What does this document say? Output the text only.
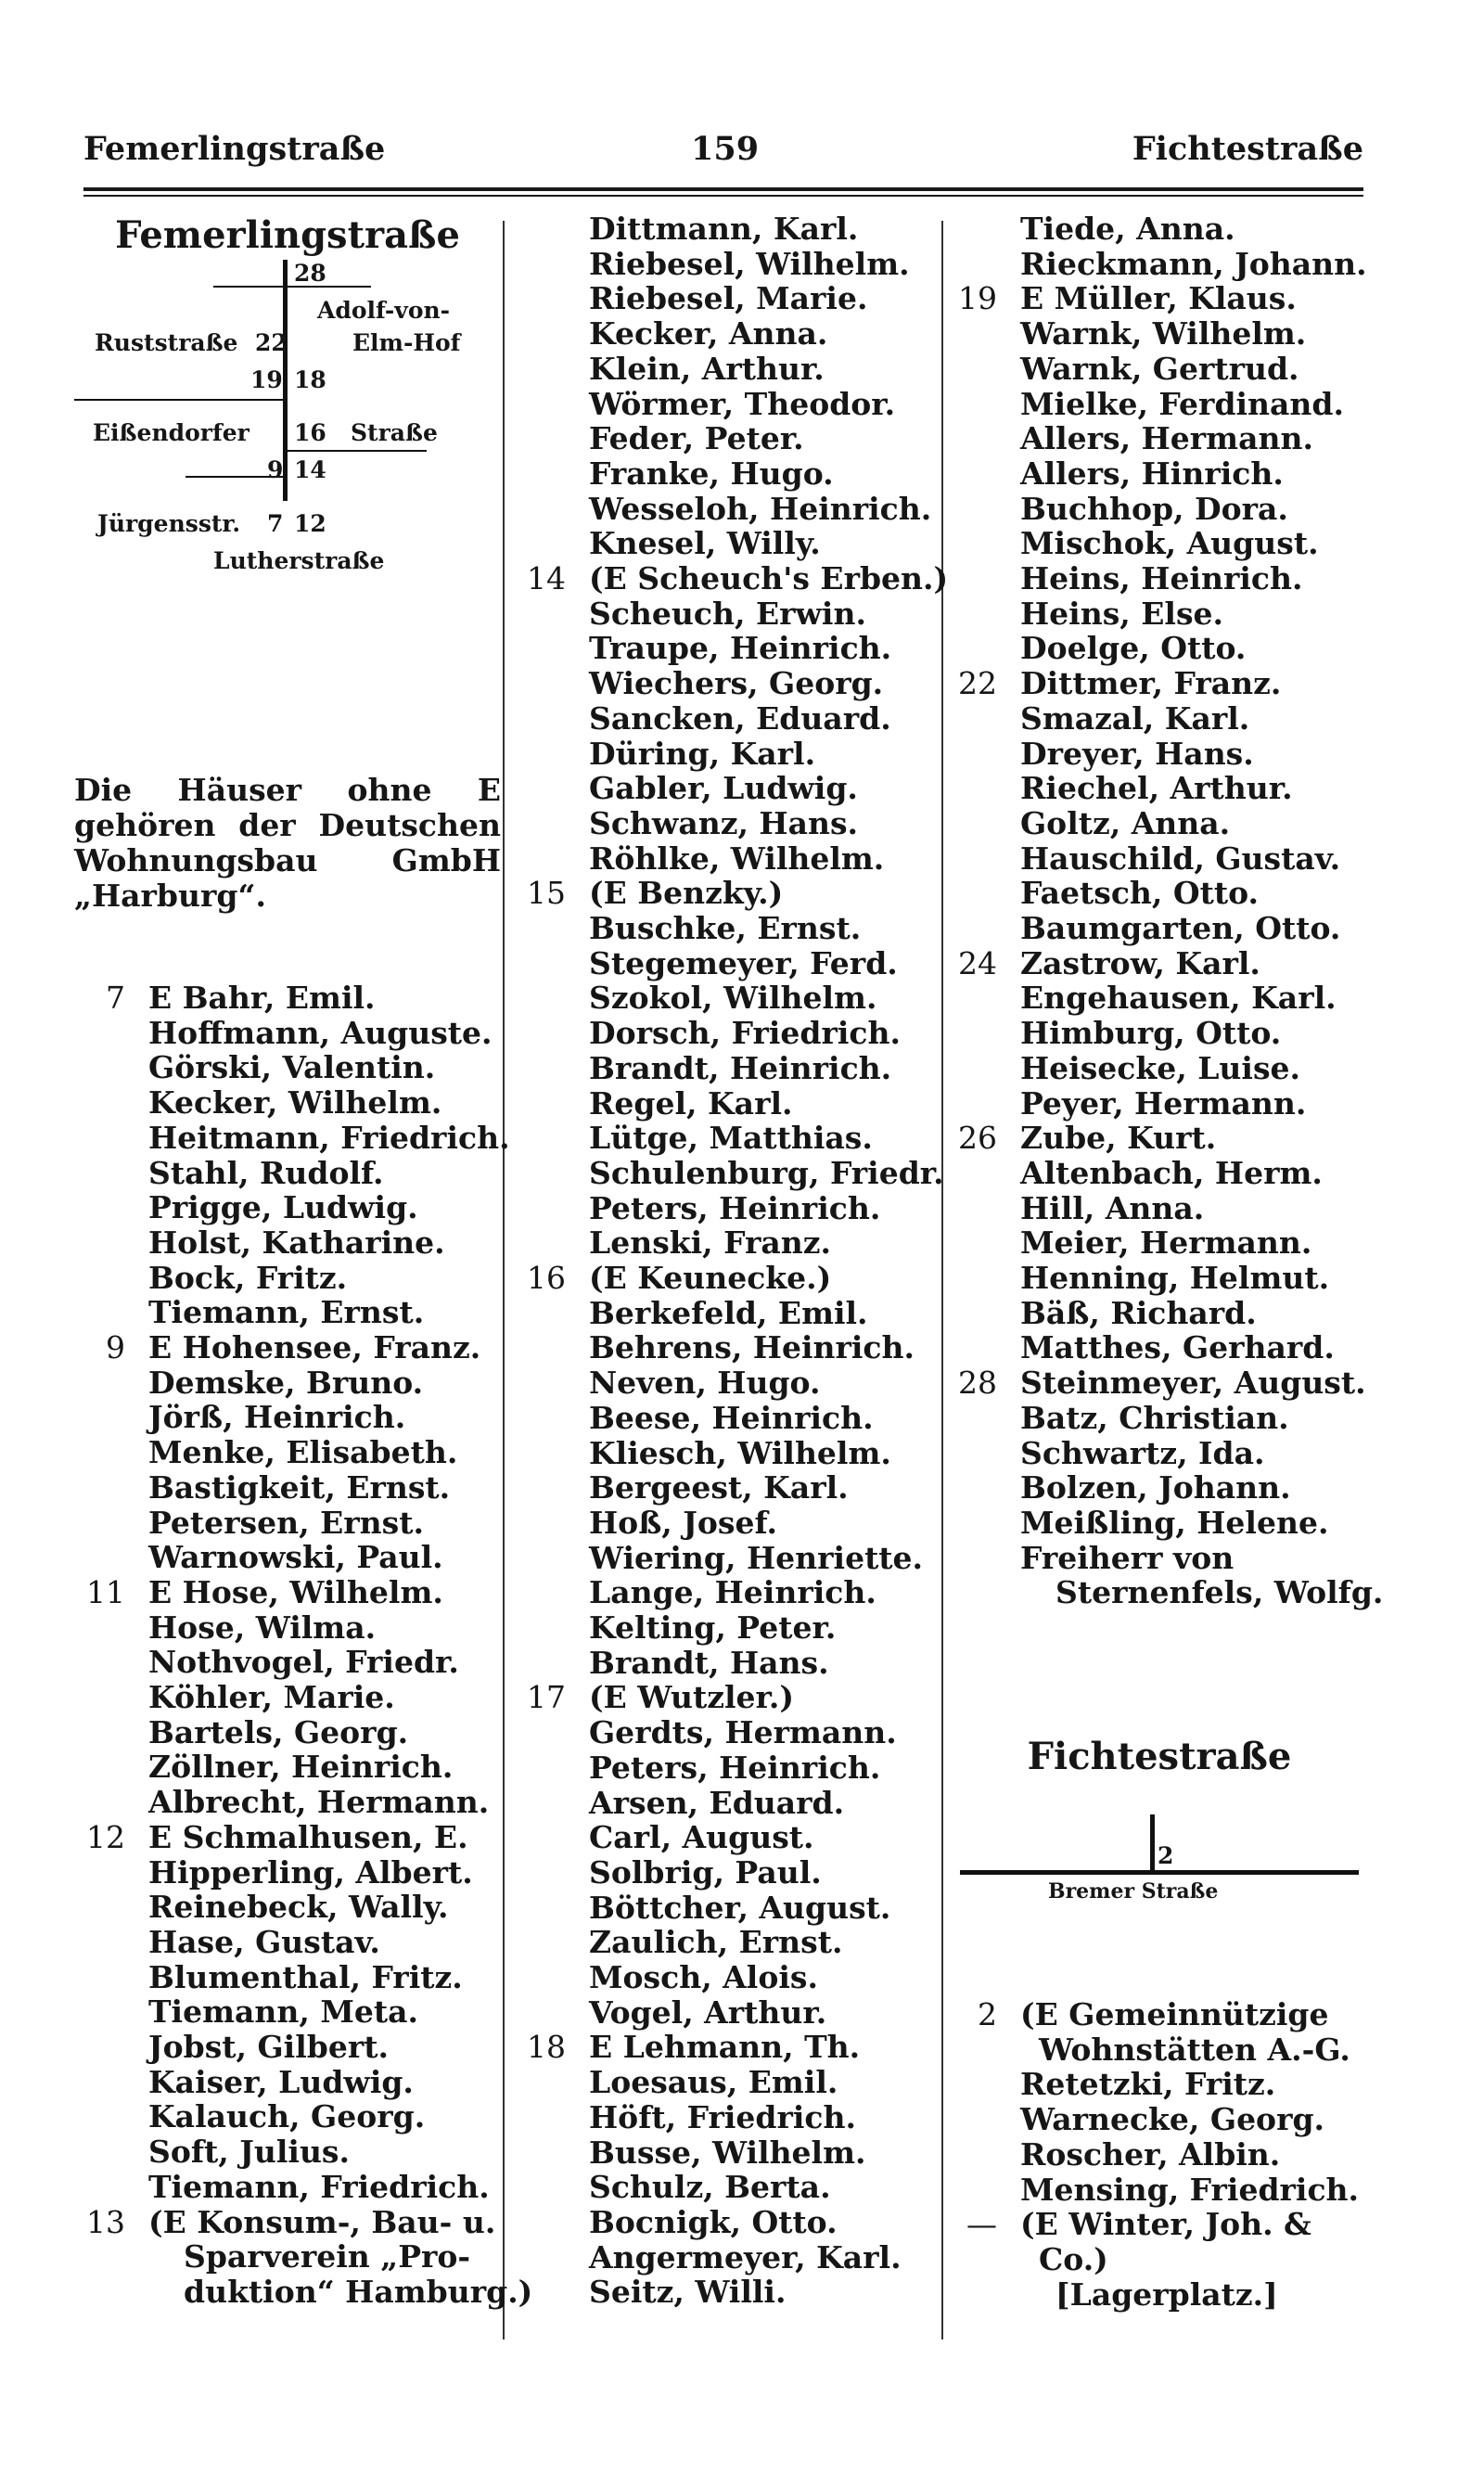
Femerlingstraße	159	Fichtestraße
Femerlingstraße
28
Adolf-von-
Ruststraße 22	Elm-Hof
19 18
Eißendorfer 16 Straße
9 14
Jürgensstr. 7 12
Lutherstraße
Die Häuser ohne E
gehören der Deutschen
Wohnungsbau GmbH
„Harburg“.
7 E Bahr, Emil.
Hoffmann, Auguste.
Görski, Valentin.
Kecker, Wilhelm.
Heitmann, Friedrich.
Stahl, Rudolf.
Prigge, Ludwig.
Holst, Katharine.
Bock, Fritz.
Tiemann, Ernst.
9 E Hohensee, Franz.
Demske, Bruno.
Jörß, Heinrich.
Menke, Elisabeth.
Bastigkeit, Ernst.
Petersen, Ernst.
Warnowski, Paul.
11 E Hose, Wilhelm.
Hose, Wilma.
Nothvogel, Friedr.
Köhler, Marie.
Bartels, Georg.
Zöllner, Heinrich.
Albrecht, Hermann.
12 E Schmalhusen, E.
Hipperling, Albert.
Reinebeck, Wally.
Hase, Gustav.
Blumenthal, Fritz.
Tiemann, Meta.
Jobst, Gilbert.
Kaiser, Ludwig.
Kalauch, Georg.
Soft, Julius.
Tiemann, Friedrich.
13 (E Konsum-, Bau- u.
Sparverein „Pro-
duktion“ Hamburg.)
Dittmann, Karl.
Riebesel, Wilhelm.
Riebesel, Marie.
Kecker, Anna.
Klein, Arthur.
Wörmer, Theodor.
Feder, Peter.
Franke, Hugo.
Wesseloh, Heinrich.
Knesel, Willy.
14 (E Scheuch's Erben.)
Scheuch, Erwin.
Traupe, Heinrich.
Wiechers, Georg.
Sancken, Eduard.
Düring, Karl.
Gabler, Ludwig.
Schwanz, Hans.
Röhlke, Wilhelm.
15 (E Benzky.)
Buschke, Ernst.
Stegemeyer, Ferd.
Szokol, Wilhelm.
Dorsch, Friedrich.
Brandt, Heinrich.
Regel, Karl.
Lütge, Matthias.
Schulenburg, Friedr.
Peters, Heinrich.
Lenski, Franz.
16 (E Keunecke.)
Berkefeld, Emil.
Behrens, Heinrich.
Neven, Hugo.
Beese, Heinrich.
Kliesch, Wilhelm.
Bergeest, Karl.
Hoß, Josef.
Wiering, Henriette.
Lange, Heinrich.
Kelting, Peter.
Brandt, Hans.
17 (E Wutzler.)
Gerdts, Hermann.
Peters, Heinrich.
Arsen, Eduard.
Carl, August.
Solbrig, Paul.
Böttcher, August.
Zaulich, Ernst.
Mosch, Alois.
Vogel, Arthur.
18 E Lehmann, Th.
Loesaus, Emil.
Höft, Friedrich.
Busse, Wilhelm.
Schulz, Berta.
Bocnigk, Otto.
Angermeyer, Karl.
Seitz, Willi.
Tiede, Anna.
Rieckmann, Johann.
19 E Müller, Klaus.
Warnk, Wilhelm.
Warnk, Gertrud.
Mielke, Ferdinand.
Allers, Hermann.
Allers, Hinrich.
Buchhop, Dora.
Mischok, August.
Heins, Heinrich.
Heins, Else.
Doelge, Otto.
22 Dittmer, Franz.
Smazal, Karl.
Dreyer, Hans.
Riechel, Arthur.
Goltz, Anna.
Hauschild, Gustav.
Faetsch, Otto.
Baumgarten, Otto.
24 Zastrow, Karl.
Engehausen, Karl.
Himburg, Otto.
Heisecke, Luise.
Peyer, Hermann.
26 Zube, Kurt.
Altenbach, Herm.
Hill, Anna.
Meier, Hermann.
Henning, Helmut.
Bäß, Richard.
Matthes, Gerhard.
28 Steinmeyer, August.
Batz, Christian.
Schwartz, Ida.
Bolzen, Johann.
Meißling, Helene.
Freiherr von
Sternenfels, Wolfg.
Fichtestraße
2
Bremer Straße
2 (E Gemeinnützige
Wohnstätten A.-G.
Retetzki, Fritz.
Warnecke, Georg.
Roscher, Albin.
Mensing, Friedrich.
— (E Winter, Joh. &
Co.)
[Lagerplatz.]
